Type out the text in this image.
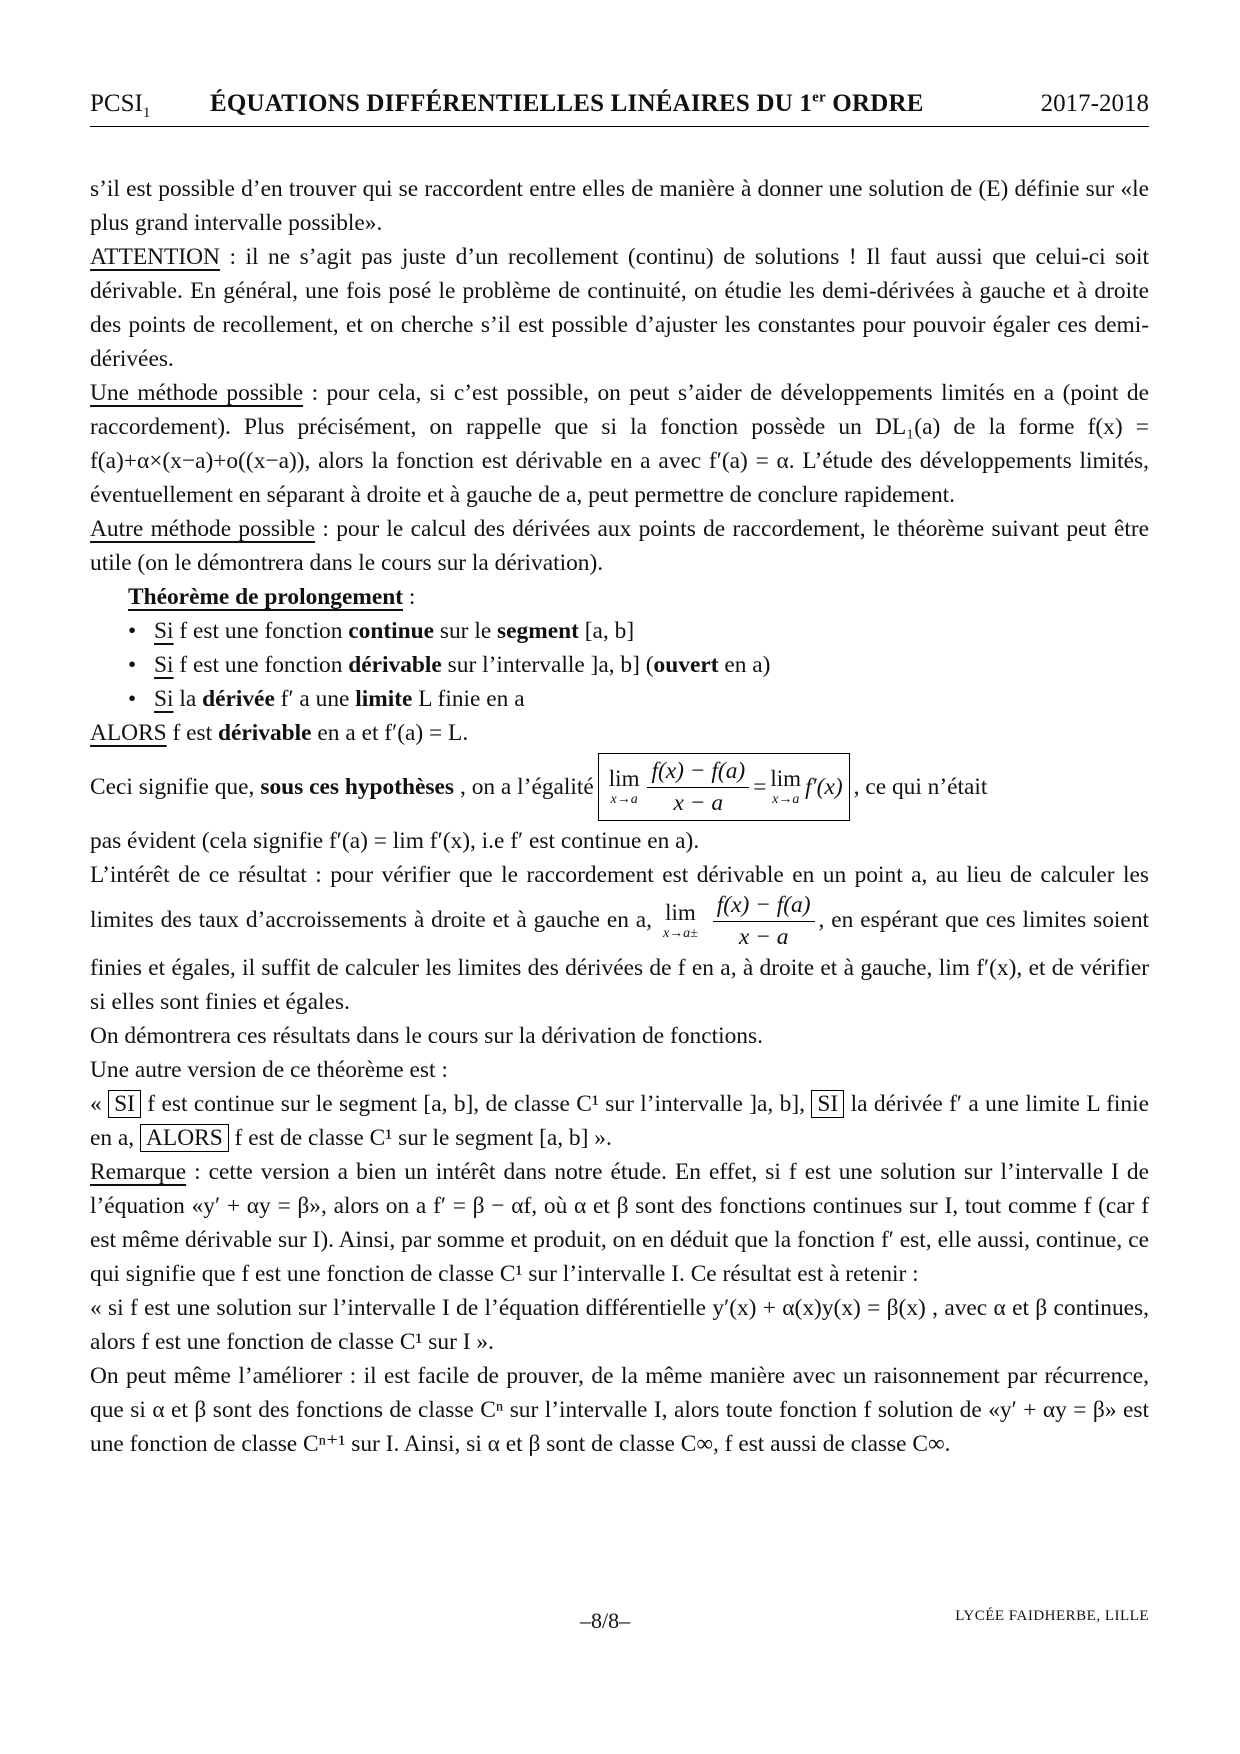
$PCSI_1$ ÉQUATIONS DIFFÉRENTIELLES LINÉAIRES DU 1er ORDRE	2017-2018

s’il est possible d’en trouver qui se raccordent entre elles de manière à donner une solution de (E) définie sur «le plus grand intervalle possible».

ATTENTION : il ne s’agit pas juste d’un recollement (continu) de solutions ! Il faut aussi que celui-ci soit dérivable. En général, une fois posé le problème de continuité, on étudie les demi-dérivées à gauche et à droite des points de recollement, et on cherche s’il est possible d’ajuster les constantes pour pouvoir égaler ces demi-dérivées.

Une méthode possible : pour cela, si c’est possible, on peut s’aider de développements limités en a (point de raccordement). Plus précisément, on rappelle que si la fonction possède un DL₁(a) de la forme f(x) = f(a)+α×(x−a)+o((x−a)), alors la fonction est dérivable en a avec f′(a) = α. L’étude des développements limités, éventuellement en séparant à droite et à gauche de a, peut permettre de conclure rapidement.

Autre méthode possible : pour le calcul des dérivées aux points de raccordement, le théorème suivant peut être utile (on le démontrera dans le cours sur la dérivation).

Théorème de prolongement :

• Si f est une fonction continue sur le segment [a, b]

• Si f est une fonction dérivable sur l’intervalle ]a, b] (ouvert en a)

• Si la dérivée f′ a une limite L finie en a

ALORS f est dérivable en a et f′(a) = L.

Ceci signifie que, sous ces hypothèses , on a l’égalité lim
$x\to a \frac{f(x) - f(a)}{x - a} = \lim$
x→a f′(x) , ce qui n’était

pas évident (cela signifie f′(a) = lim f′(x), i.e f′ est continue en a).

L’intérêt de ce résultat : pour vérifier que le raccordement est dérivable en un point a, au lieu de calculer les limites des taux d’accroissements à droite et à gauche en a, lim
x→a±
$\frac{f(x) - f(a)}{x - a}$ , en espérant que ces limites soient finies et égales, il suffit de calculer les limites des dérivées de f en a, à droite et à gauche, lim f′(x), et de vérifier si elles sont finies et égales.

On démontrera ces résultats dans le cours sur la dérivation de fonctions.

Une autre version de ce théorème est :

« SI f est continue sur le segment [a, b], de classe C¹ sur l’intervalle ]a, b], SI la dérivée f′ a une limite L finie en a, ALORS f est de classe C¹ sur le segment [a, b] ».

Remarque : cette version a bien un intérêt dans notre étude. En effet, si f est une solution sur l’intervalle I de l’équation «y′ + αy = β», alors on a f′ = β − αf, où α et β sont des fonctions continues sur I, tout comme f (car f est même dérivable sur I). Ainsi, par somme et produit, on en déduit que la fonction f′ est, elle aussi, continue, ce qui signifie que f est une fonction de classe C¹ sur l’intervalle I. Ce résultat est à retenir :

« si f est une solution sur l’intervalle I de l’équation différentielle y′(x) + α(x)y(x) = β(x) , avec α et β continues, alors f est une fonction de classe C¹ sur I ».

On peut même l’améliorer : il est facile de prouver, de la même manière avec un raisonnement par récurrence, que si α et β sont des fonctions de classe Cⁿ sur l’intervalle I, alors toute fonction f solution de «y′ + αy = β» est une fonction de classe Cⁿ⁺¹ sur I. Ainsi, si α et β sont de classe C∞, f est aussi de classe C∞.

–8/8–	LYCÉE FAIDHERBE, LILLE
